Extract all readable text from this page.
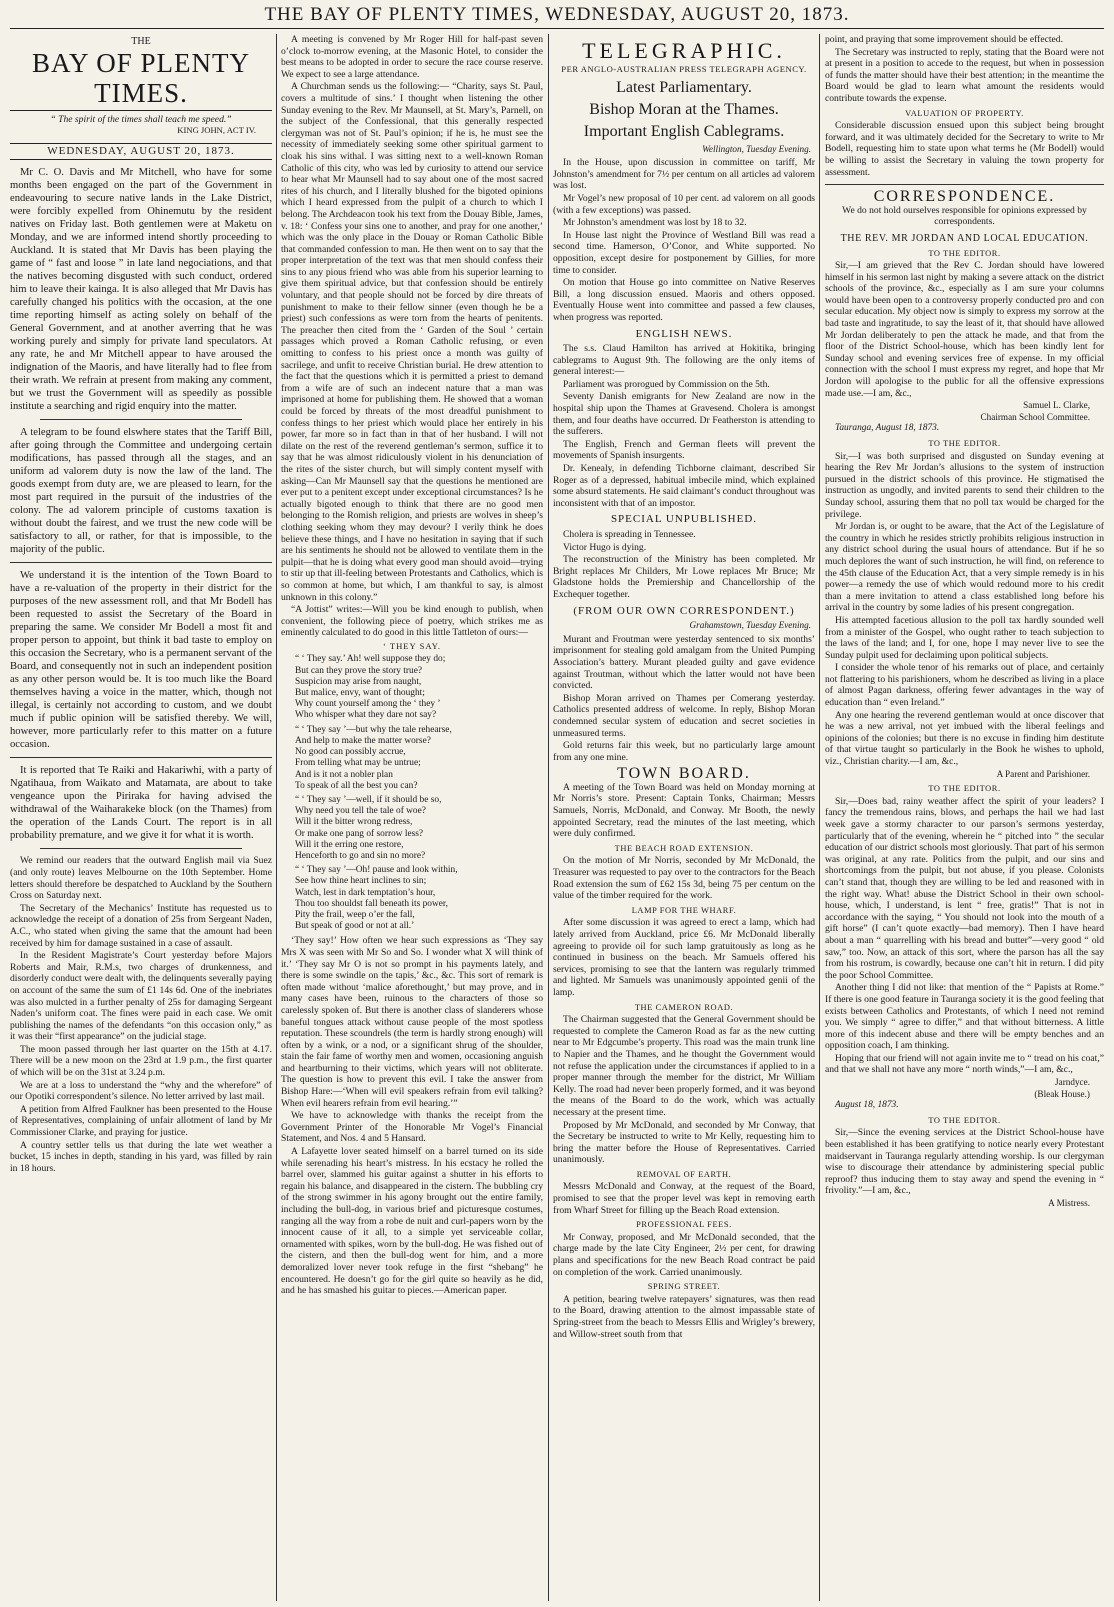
THE BAY OF PLENTY TIMES, WEDNESDAY, AUGUST 20, 1873.
THE
BAY OF PLENTY TIMES.
“ The spirit of the times shall teach me speed.”
KING JOHN, ACT IV.
WEDNESDAY, AUGUST 20, 1873.

Mr C. O. Davis and Mr Mitchell, who have for some months been engaged on the part of the Government in endeavouring to secure native lands in the Lake District, were forcibly expelled from Ohinemutu by the resident natives on Friday last. Both gentlemen were at Maketu on Monday, and we are informed intend shortly proceeding to Auckland. It is stated that Mr Davis has been playing the game of “ fast and loose ” in late land negociations, and that the natives becoming disgusted with such conduct, ordered him to leave their kainga. It is also alleged that Mr Davis has carefully changed his politics with the occasion, at the one time reporting himself as acting solely on behalf of the General Government, and at another averring that he was working purely and simply for private land speculators. At any rate, he and Mr Mitchell appear to have aroused the indignation of the Maoris, and have literally had to flee from their wrath. We refrain at present from making any comment, but we trust the Government will as speedily as possible institute a searching and rigid enquiry into the matter.

A telegram to be found elswhere states that the Tariff Bill, after going through the Committee and undergoing certain modifications, has passed through all the stages, and an uniform ad valorem duty is now the law of the land. The goods exempt from duty are, we are pleased to learn, for the most part required in the pursuit of the industries of the colony. The ad valorem principle of customs taxation is without doubt the fairest, and we trust the new code will be satisfactory to all, or rather, for that is impossible, to the majority of the public.

We understand it is the intention of the Town Board to have a re-valuation of the property in their district for the purposes of the new assessment roll, and that Mr Bodell has been requested to assist the Secretary of the Board in preparing the same. We consider Mr Bodell a most fit and proper person to appoint, but think it bad taste to employ on this occasion the Secretary, who is a permanent servant of the Board, and consequently not in such an independent position as any other person would be. It is too much like the Board themselves having a voice in the matter, which, though not illegal, is certainly not according to custom, and we doubt much if public opinion will be satisfied thereby. We will, however, more particularly refer to this matter on a future occasion.

It is reported that Te Raiki and Hakariwhi, with a party of Ngatihaua, from Waikato and Matamata, are about to take vengeance upon the Piriraka for having advised the withdrawal of the Waiharakeke block (on the Thames) from the operation of the Lands Court. The report is in all probability premature, and we give it for what it is worth.

We remind our readers that the outward English mail via Suez (and only route) leaves Melbourne on the 10th September. Home letters should therefore be despatched to Auckland by the Southern Cross on Saturday next.

The Secretary of the Mechanics’ Institute has requested us to acknowledge the receipt of a donation of 25s from Sergeant Naden, A.C., who stated when giving the same that the amount had been received by him for damage sustained in a case of assault.

In the Resident Magistrate’s Court yesterday before Majors Roberts and Mair, R.M.s, two charges of drunkenness, and disorderly conduct were dealt with, the delinquents severally paying on account of the same the sum of £1 14s 6d. One of the inebriates was also mulcted in a further penalty of 25s for damaging Sergeant Naden’s uniform coat. The fines were paid in each case. We omit publishing the names of the defendants “on this occasion only,” as it was their “first appearance” on the judicial stage.

The moon passed through her last quarter on the 15th at 4.17. There will be a new moon on the 23rd at 1.9 p.m., the first quarter of which will be on the 31st at 3.24 p.m.

We are at a loss to understand the “why and the wherefore” of our Opotiki correspondent’s silence. No letter arrived by last mail.

A petition from Alfred Faulkner has been presented to the House of Representatives, complaining of unfair allotment of land by Mr Commissioner Clarke, and praying for justice.

A country settler tells us that during the late wet weather a bucket, 15 inches in depth, standing in his yard, was filled by rain in 18 hours.

A meeting is convened by Mr Roger Hill for half-past seven o’clock to-morrow evening, at the Masonic Hotel, to consider the best means to be adopted in order to secure the race course reserve. We expect to see a large attendance.

A Churchman sends us the following:— “Charity, says St. Paul, covers a multitude of sins.’ I thought when listening the other Sunday evening to the Rev. Mr Maunsell, at St. Mary’s, Parnell, on the subject of the Confessional, that this generally respected clergyman was not of St. Paul’s opinion; if he is, he must see the necessity of immediately seeking some other spiritual garment to cloak his sins withal. I was sitting next to a well-known Roman Catholic of this city, who was led by curiosity to attend our service to hear what Mr Maunsell had to say about one of the most sacred rites of his church, and I literally blushed for the bigoted opinions which I heard expressed from the pulpit of a church to which I belong. The Archdeacon took his text from the Douay Bible, James, v. 18: ‘ Confess your sins one to another, and pray for one another,’ which was the only place in the Douay or Roman Catholic Bible that commanded confession to man. He then went on to say that the proper interpretation of the text was that men should confess their sins to any pious friend who was able from his superior learning to give them spiritual advice, but that confession should be entirely voluntary, and that people should not be forced by dire threats of punishment to make to their fellow sinner (even though he be a priest) such confessions as were torn from the hearts of penitents. The preacher then cited from the ‘ Garden of the Soul ’ certain passages which proved a Roman Catholic refusing, or even omitting to confess to his priest once a month was guilty of sacrilege, and unfit to receive Christian burial. He drew attention to the fact that the questions which it is permitted a priest to demand from a wife are of such an indecent nature that a man was imprisoned at home for publishing them. He showed that a woman could be forced by threats of the most dreadful punishment to confess things to her priest which would place her entirely in his power, far more so in fact than in that of her husband. I will not dilate on the rest of the reverend gentleman’s sermon, suffice it to say that he was almost ridiculously violent in his denunciation of the rites of the sister church, but will simply content myself with asking—Can Mr Maunsell say that the questions he mentioned are ever put to a penitent except under exceptional circumstances? Is he actually bigoted enough to think that there are no good men belonging to the Romish religion, and priests are wolves in sheep’s clothing seeking whom they may devour? I verily think he does believe these things, and I have no hesitation in saying that if such are his sentiments he should not be allowed to ventilate them in the pulpit—that he is doing what every good man should avoid—trying to stir up that ill-feeling between Protestants and Catholics, which is so common at home, but which, I am thankful to say, is almost unknown in this colony.”

“A Jottist” writes:—Will you be kind enough to publish, when convenient, the following piece of poetry, which strikes me as eminently calculated to do good in this little Tattleton of ours:—

‘ THEY SAY.
“ ‘ They say.’ Ah! well suppose they do;
But can they prove the story true?
Suspicion may arise from naught,
But malice, envy, want of thought;
Why count yourself among the ‘ they ’
Who whisper what they dare not say?
“ ‘ They say ’—but why the tale rehearse,
And help to make the matter worse?
No good can possibly accrue,
From telling what may be untrue;
And is it not a nobler plan
To speak of all the best you can?
“ ‘ They say ’—well, if it should be so,
Why need you tell the tale of woe?
Will it the bitter wrong redress,
Or make one pang of sorrow less?
Will it the erring one restore,
Henceforth to go and sin no more?
“ ‘ They say ’—Oh! pause and look within,
See how thine heart inclines to sin;
Watch, lest in dark temptation’s hour,
Thou too shouldst fall beneath its power,
Pity the frail, weep o’er the fall,
But speak of good or not at all.’

‘They say!’ How often we hear such expressions as ‘They say Mrs X was seen with Mr So and So. I wonder what X will think of it.’ ‘They say Mr O is not so prompt in his payments lately, and there is some swindle on the tapis,’ &c., &c. This sort of remark is often made without ‘malice aforethought,’ but may prove, and in many cases have been, ruinous to the characters of those so carelessly spoken of. But there is another class of slanderers whose baneful tongues attack without cause people of the most spotless reputation. These scoundrels (the term is hardly strong enough) will often by a wink, or a nod, or a significant shrug of the shoulder, stain the fair fame of worthy men and women, occasioning anguish and heartburning to their victims, which years will not obliterate. The question is how to prevent this evil. I take the answer from Bishop Hare:—‘When will evil speakers refrain from evil talking? When evil hearers refrain from evil hearing.’”

We have to acknowledge with thanks the receipt from the Government Printer of the Honorable Mr Vogel’s Financial Statement, and Nos. 4 and 5 Hansard.

A Lafayette lover seated himself on a barrel turned on its side while serenading his heart’s mistress. In his ecstacy he rolled the barrel over, slammed his guitar against a shutter in his efforts to regain his balance, and disappeared in the cistern. The bubbling cry of the strong swimmer in his agony brought out the entire family, including the bull-dog, in various brief and picturesque costumes, ranging all the way from a robe de nuit and curl-papers worn by the innocent cause of it all, to a simple yet serviceable collar, ornamented with spikes, worn by the bull-dog. He was fished out of the cistern, and then the bull-dog went for him, and a more demoralized lover never took refuge in the first “shebang” he encountered. He doesn’t go for the girl quite so heavily as he did, and he has smashed his guitar to pieces.—American paper.

TELEGRAPHIC.
PER ANGLO-AUSTRALIAN PRESS TELEGRAPH AGENCY.
Latest Parliamentary.
Bishop Moran at the Thames.
Important English Cablegrams.
Wellington, Tuesday Evening.

In the House, upon discussion in committee on tariff, Mr Johnston’s amendment for 7½ per centum on all articles ad valorem was lost.

Mr Vogel’s new proposal of 10 per cent. ad valorem on all goods (with a few exceptions) was passed.

Mr Johnston’s amendment was lost by 18 to 32.

In House last night the Province of Westland Bill was read a second time. Hamerson, O’Conor, and White supported. No opposition, except desire for postponement by Gillies, for more time to consider.

On motion that House go into committee on Native Reserves Bill, a long discussion ensued. Maoris and others opposed. Eventually House went into committee and passed a few clauses, when progress was reported.

ENGLISH NEWS.

The s.s. Claud Hamilton has arrived at Hokitika, bringing cablegrams to August 9th. The following are the only items of general interest:—

Parliament was prorogued by Commission on the 5th.

Seventy Danish emigrants for New Zealand are now in the hospital ship upon the Thames at Gravesend. Cholera is amongst them, and four deaths have occurred. Dr Featherston is attending to the sufferers.

The English, French and German fleets will prevent the movements of Spanish insurgents.

Dr. Kenealy, in defending Tichborne claimant, described Sir Roger as of a depressed, habitual imbecile mind, which explained some absurd statements. He said claimant’s conduct throughout was inconsistent with that of an impostor.

SPECIAL UNPUBLISHED.

Cholera is spreading in Tennessee.

Victor Hugo is dying.

The reconstruction of the Ministry has been completed. Mr Bright replaces Mr Childers, Mr Lowe replaces Mr Bruce; Mr Gladstone holds the Premiership and Chancellorship of the Exchequer together.

(FROM OUR OWN CORRESPONDENT.)
Grahamstown, Tuesday Evening.

Murant and Froutman were yesterday sentenced to six months’ imprisonment for stealing gold amalgam from the United Pumping Association’s battery. Murant pleaded guilty and gave evidence against Troutman, without which the latter would not have been convicted.

Bishop Moran arrived on Thames per Comerang yesterday. Catholics presented address of welcome. In reply, Bishop Moran condemned secular system of education and secret societies in unmeasured terms.

Gold returns fair this week, but no particularly large amount from any one mine.

TOWN BOARD.

A meeting of the Town Board was held on Monday morning at Mr Norris’s store. Present: Captain Tonks, Chairman; Messrs Samuels, Norris, McDonald, and Conway. Mr Booth, the newly appointed Secretary, read the minutes of the last meeting, which were duly confirmed.

THE BEACH ROAD EXTENSION.

On the motion of Mr Norris, seconded by Mr McDonald, the Treasurer was requested to pay over to the contractors for the Beach Road extension the sum of £62 15s 3d, being 75 per centum on the value of the timber required for the work.

LAMP FOR THE WHARF.

After some discussion it was agreed to erect a lamp, which had lately arrived from Auckland, price £6. Mr McDonald liberally agreeing to provide oil for such lamp gratuitously as long as he continued in business on the beach. Mr Samuels offered his services, promising to see that the lantern was regularly trimmed and lighted. Mr Samuels was unanimously appointed genii of the lamp.

THE CAMERON ROAD.

The Chairman suggested that the General Government should be requested to complete the Cameron Road as far as the new cutting near to Mr Edgcumbe’s property. This road was the main trunk line to Napier and the Thames, and he thought the Government would not refuse the application under the circumstances if applied to in a proper manner through the member for the district, Mr William Kelly. The road had never been properly formed, and it was beyond the means of the Board to do the work, which was actually necessary at the present time.

Proposed by Mr McDonald, and seconded by Mr Conway, that the Secretary be instructed to write to Mr Kelly, requesting him to bring the matter before the House of Representatives. Carried unanimously.

REMOVAL OF EARTH.

Messrs McDonald and Conway, at the request of the Board, promised to see that the proper level was kept in removing earth from Wharf Street for filling up the Beach Road extension.

PROFESSIONAL FEES.

Mr Conway, proposed, and Mr McDonald seconded, that the charge made by the late City Engineer, 2½ per cent, for drawing plans and specifications for the new Beach Road contract be paid on completion of the work. Carried unanimously.

SPRING STREET.

A petition, bearing twelve ratepayers’ signatures, was then read to the Board, drawing attention to the almost impassable state of Spring-street from the beach to Messrs Ellis and Wrigley’s brewery, and Willow-street south from that

point, and praying that some improvement should be effected.

The Secretary was instructed to reply, stating that the Board were not at present in a position to accede to the request, but when in possession of funds the matter should have their best attention; in the meantime the Board would be glad to learn what amount the residents would contribute towards the expense.

VALUATION OF PROPERTY.

Considerable discussion ensued upon this subject being brought forward, and it was ultimately decided for the Secretary to write to Mr Bodell, requesting him to state upon what terms he (Mr Bodell) would be willing to assist the Secretary in valuing the town property for assessment.

CORRESPONDENCE.

We do not hold ourselves responsible for opinions expressed by correspondents.

THE REV. MR JORDAN AND LOCAL EDUCATION.
TO THE EDITOR.

Sir,—I am grieved that the Rev C. Jordan should have lowered himself in his sermon last night by making a severe attack on the district schools of the province, &c., especially as I am sure your columns would have been open to a controversy properly conducted pro and con secular education. My object now is simply to express my sorrow at the bad taste and ingratitude, to say the least of it, that should have allowed Mr Jordan deliberately to pen the attack he made, and that from the floor of the District School-house, which has been kindly lent for Sunday school and evening services free of expense. In my official connection with the school I must express my regret, and hope that Mr Jordon will apologise to the public for all the offensive expressions made use.—I am, &c.,

Samuel L. Clarke,
Chairman School Committee.
Tauranga, August 18, 1873.
TO THE EDITOR.

Sir,—I was both surprised and disgusted on Sunday evening at hearing the Rev Mr Jordan’s allusions to the system of instruction pursued in the district schools of this province. He stigmatised the instruction as ungodly, and invited parents to send their children to the Sunday school, assuring them that no poll tax would be charged for the privilege.

Mr Jordan is, or ought to be aware, that the Act of the Legislature of the country in which he resides strictly prohibits religious instruction in any district school during the usual hours of attendance. But if he so much deplores the want of such instruction, he will find, on reference to the 45th clause of the Education Act, that a very simple remedy is in his power—a remedy the use of which would redound more to his credit than a mere invitation to attend a class established long before his arrival in the country by some ladies of his present congregation.

His attempted facetious allusion to the poll tax hardly sounded well from a minister of the Gospel, who ought rather to teach subjection to the laws of the land; and I, for one, hope I may never live to see the Sunday pulpit used for declaiming upon political subjects.

I consider the whole tenor of his remarks out of place, and certainly not flattering to his parishioners, whom he described as living in a place of almost Pagan darkness, offering fewer advantages in the way of education than “ even Ireland.”

Any one hearing the reverend gentleman would at once discover that he was a new arrival, not yet imbued with the liberal feelings and opinions of the colonies; but there is no excuse in finding him destitute of that virtue taught so particularly in the Book he wishes to uphold, viz., Christian charity.—I am, &c.,

A Parent and Parishioner.
TO THE EDITOR.

Sir,—Does bad, rainy weather affect the spirit of your leaders? I fancy the tremendous rains, blows, and perhaps the hail we had last week gave a stormy character to our parson’s sermons yesterday, particularly that of the evening, wherein he “ pitched into ” the secular education of our district schools most gloriously. That part of his sermon was original, at any rate. Politics from the pulpit, and our sins and shortcomings from the pulpit, but not abuse, if you please. Colonists can’t stand that, though they are willing to be led and reasoned with in the right way. What! abuse the District School in their own school-house, which, I understand, is lent “ free, gratis!” That is not in accordance with the saying, “ You should not look into the mouth of a gift horse” (I can’t quote exactly—bad memory). Then I have heard about a man “ quarrelling with his bread and butter”—very good “ old saw,” too. Now, an attack of this sort, where the parson has all the say from his rostrum, is cowardly, because one can’t hit in return. I did pity the poor School Committee.

Another thing I did not like: that mention of the “ Papists at Rome.” If there is one good feature in Tauranga society it is the good feeling that exists between Catholics and Protestants, of which I need not remind you. We simply “ agree to differ,” and that without bitterness. A little more of this indecent abuse and there will be empty benches and an opposition coach, I am thinking.

Hoping that our friend will not again invite me to “ tread on his coat,” and that we shall not have any more “ north winds,”—I am, &c.,

Jarndyce.
(Bleak House.)
August 18, 1873.
TO THE EDITOR.

Sir,—Since the evening services at the District School-house have been established it has been gratifying to notice nearly every Protestant maidservant in Tauranga regularly attending worship. Is our clergyman wise to discourage their attendance by administering special public reproof? thus inducing them to stay away and spend the evening in “ frivolity.”—I am, &c.,

A Mistress.
